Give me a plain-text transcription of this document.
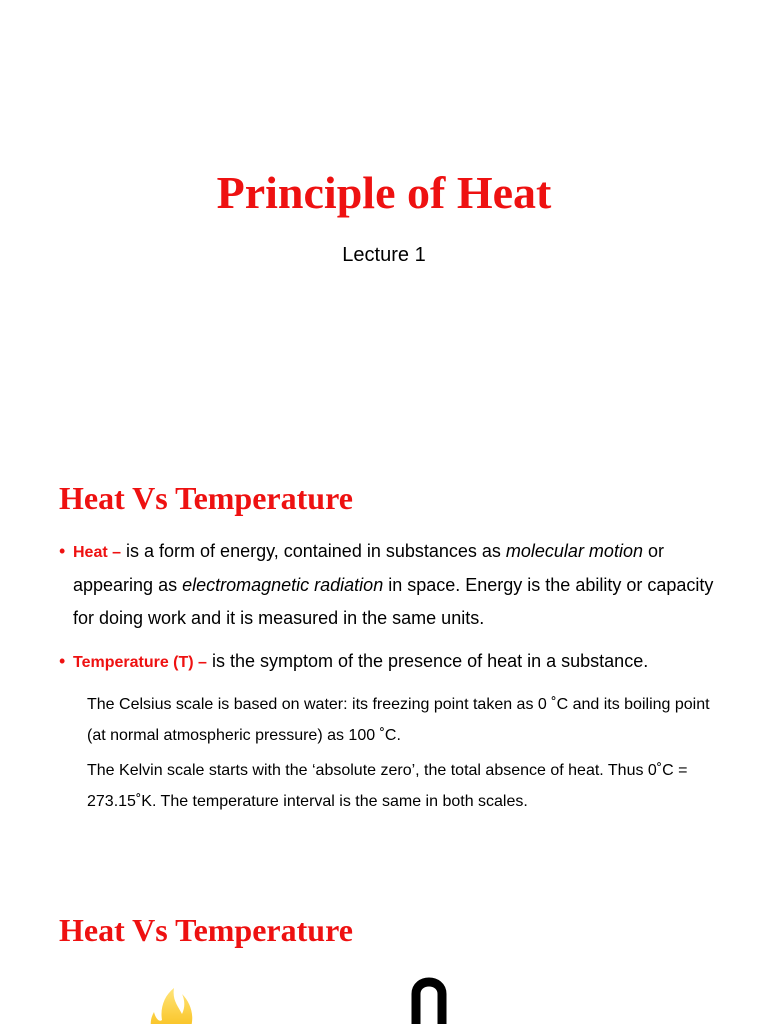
Principle of Heat

Lecture 1

Heat Vs Temperature
• Heat – is a form of energy, contained in substances as molecular motion or appearing as electromagnetic radiation in space. Energy is the ability or capacity for doing work and it is measured in the same units.
• Temperature (T) – is the symptom of the presence of heat in a substance.

The Celsius scale is based on water: its freezing point taken as 0 ˚C and its boiling point (at normal atmospheric pressure) as 100 ˚C.

The Kelvin scale starts with the ‘absolute zero’, the total absence of heat. Thus 0˚C = 273.15˚K. The temperature interval is the same in both scales.

Heat Vs Temperature
